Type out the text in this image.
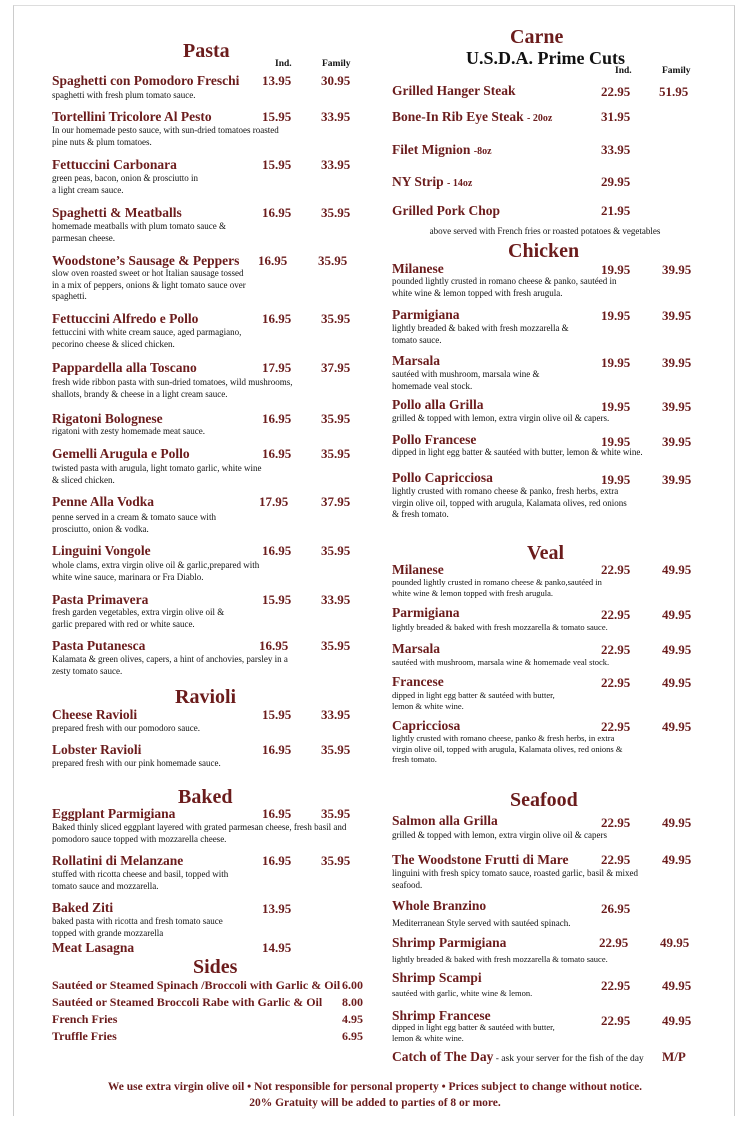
Pasta
Ind.	Family
Spaghetti con Pomodoro Freschi 13.95 30.95
spaghetti with fresh plum tomato sauce.
Tortellini Tricolore Al Pesto	15.95 33.95
In our homemade pesto sauce, with sun-dried tomatoes roasted pine nuts & plum tomatoes.
Fettuccini Carbonara	15.95 33.95
green peas, bacon, onion & prosciutto in a light cream sauce.
Spaghetti & Meatballs	16.95 35.95
homemade meatballs with plum tomato sauce & parmesan cheese.
Woodstone’s Sausage & Peppers 16.95 35.95
slow oven roasted sweet or hot Italian sausage tossed in a mix of peppers, onions & light tomato sauce over spaghetti.
Fettuccini Alfredo e Pollo	16.95 35.95
fettuccini with white cream sauce, aged parmagiano, pecorino cheese & sliced chicken.
Pappardella alla Toscano	17.95 37.95
fresh wide ribbon pasta with sun-dried tomatoes, wild mushrooms, shallots, brandy & cheese in a light cream sauce.
Rigatoni Bolognese	16.95 35.95
rigatoni with zesty homemade meat sauce.
Gemelli Arugula e Pollo	16.95 35.95
twisted pasta with arugula, light tomato garlic, white wine & sliced chicken.
Penne Alla Vodka	17.95	37.95
penne served in a cream & tomato sauce with prosciutto, onion & vodka.
Linguini Vongole	16.95 35.95
whole clams, extra virgin olive oil & garlic,prepared with white wine sauce, marinara or Fra Diablo.
Pasta Primavera	15.95 33.95
fresh garden vegetables, extra virgin olive oil & garlic prepared with red or white sauce.
Pasta Putanesca	16.95	35.95
Kalamata & green olives, capers, a hint of anchovies, parsley in a zesty tomato sauce.
Ravioli
Cheese Ravioli	15.95 33.95
prepared fresh with our pomodoro sauce.
Lobster Ravioli	16.95 35.95
prepared fresh with our pink homemade sauce.
Baked
Eggplant Parmigiana	16.95 35.95
Baked thinly sliced eggplant layered with grated parmesan cheese, fresh basil and pomodoro sauce topped with mozzarella cheese.
Rollatini di Melanzane	16.95 35.95
stuffed with ricotta cheese and basil, topped with tomato sauce and mozzarella.
Baked Ziti	13.95
baked pasta with ricotta and fresh tomato sauce topped with grande mozzarella
Meat Lasagna	14.95
Sides
Sautéed or Steamed Spinach /Broccoli with Garlic & Oil 6.00
Sautéed or Steamed Broccoli Rabe with Garlic & Oil 8.00
French Fries	4.95
Truffle Fries	6.95
Carne
U.S.D.A. Prime Cuts
Ind.	Family
Grilled Hanger Steak	22.95 51.95
Bone-In Rib Eye Steak - 20oz	31.95
Filet Mignion -8oz	33.95
NY Strip - 14oz	29.95
Grilled Pork Chop	21.95
above served with French fries or roasted potatoes & vegetables
Chicken
Milanese	19.95 39.95
pounded lightly crusted in romano cheese & panko, sautéed in white wine & lemon topped with fresh arugula.
Parmigiana	19.95 39.95
lightly breaded & baked with fresh mozzarella & tomato sauce.
Marsala	19.95 39.95
sautéed with mushroom, marsala wine & homemade veal stock.
Pollo alla Grilla	19.95 39.95
grilled & topped with lemon, extra virgin olive oil & capers.
Pollo Francese	19.95 39.95
dipped in light egg batter & sautéed with butter, lemon & white wine.
Pollo Capricciosa	19.95 39.95
lightly crusted with romano cheese & panko, fresh herbs, extra virgin olive oil, topped with arugula, Kalamata olives, red onions & fresh tomato.
Veal
Milanese	22.95 49.95
pounded lightly crusted in romano cheese & panko,sautéed in white wine & lemon topped with fresh arugula.
Parmigiana	22.95 49.95
lightly breaded & baked with fresh mozzarella & tomato sauce.
Marsala	22.95 49.95
sautéed with mushroom, marsala wine & homemade veal stock.
Francese	22.95 49.95
dipped in light egg batter & sautéed with butter, lemon & white wine.
Capricciosa	22.95 49.95
lightly crusted with romano cheese, panko & fresh herbs, in extra virgin olive oil, topped with arugula, Kalamata olives, red onions & fresh tomato.
Seafood
Salmon alla Grilla	22.95 49.95
grilled & topped with lemon, extra virgin olive oil & capers
The Woodstone Frutti di Mare 22.95 49.95
linguini with fresh spicy tomato sauce, roasted garlic, basil & mixed seafood.
Whole Branzino	26.95
Mediterranean Style served with sautéed spinach.
Shrimp Parmigiana	22.95 49.95
lightly breaded & baked with fresh mozzarella & tomato sauce.
Shrimp Scampi
22.95 49.95
sautéed with garlic, white wine & lemon.
Shrimp Francese	22.95 49.95
dipped in light egg batter & sautéed with butter, lemon & white wine.
Catch of The Day - ask your server for the fish of the day M/P
We use extra virgin olive oil • Not responsible for personal property • Prices subject to change without notice.
20% Gratuity will be added to parties of 8 or more.
